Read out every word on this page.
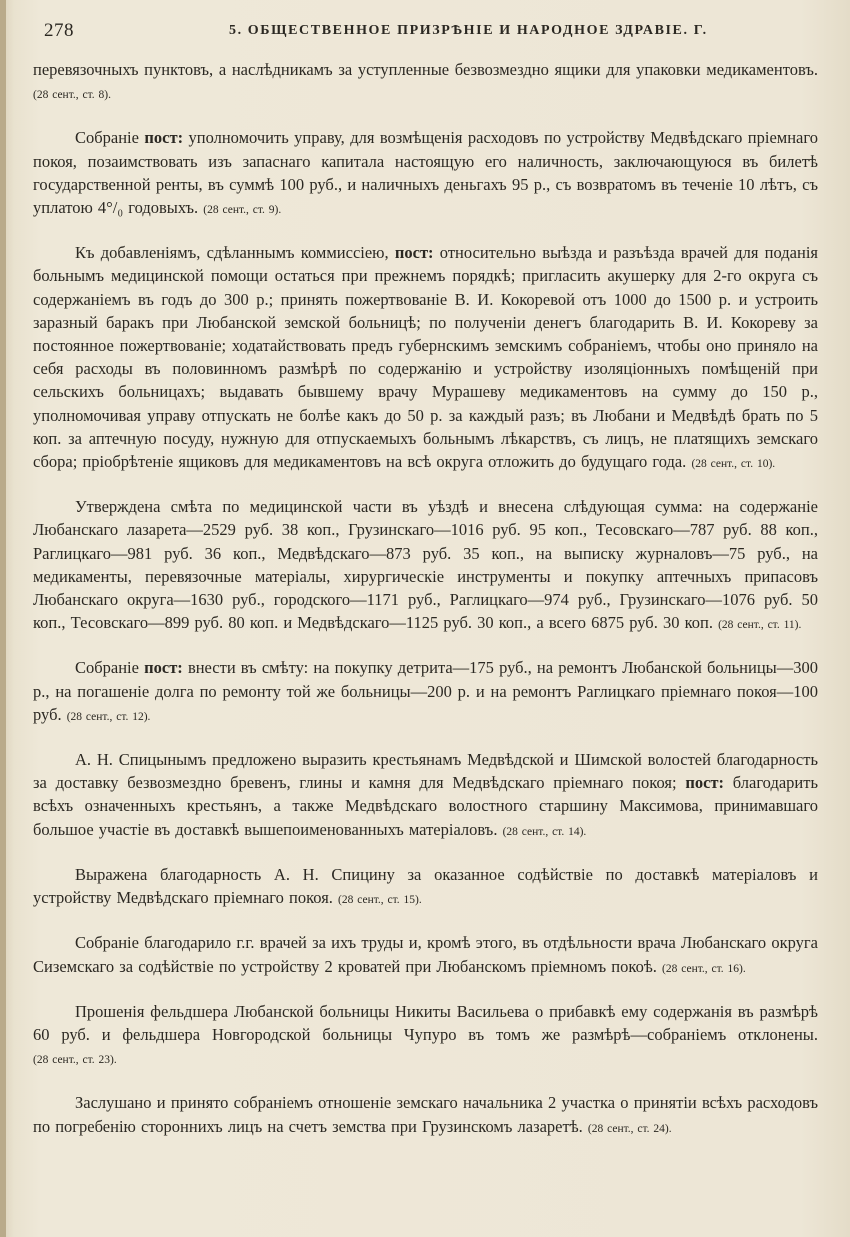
278	5. ОБЩЕСТВЕННОЕ ПРИЗРѢНІЕ И НАРОДНОЕ ЗДРАВІЕ. Г.

перевязочныхъ пунктовъ, а наслѣдникамъ за уступленные безвозмездно ящики для упаковки медикаментовъ. (28 сент., ст. 8).

Собраніе пост: уполномочить управу, для возмѣщенія расходовъ по устройству Медвѣдскаго пріемнаго покоя, позаимствовать изъ запаснаго капитала настоящую его наличность, заключающуюся въ билетѣ государственной ренты, въ суммѣ 100 руб., и наличныхъ деньгахъ 95 р., съ возвратомъ въ теченіе 10 лѣтъ, съ уплатою 4°/₀ годовыхъ. (28 сент., ст. 9).

Къ добавленіямъ, сдѣланнымъ коммиссіею, пост: относительно выѣзда и разъѣзда врачей для поданія больнымъ медицинской помощи остаться при прежнемъ порядкѣ; пригласить акушерку для 2-го округа съ содержаніемъ въ годъ до 300 р.; принять пожертвованіе В. И. Кокоревой отъ 1000 до 1500 р. и устроить заразный баракъ при Любанской земской больницѣ; по полученіи денегъ благодарить В. И. Кокореву за постоянное пожертвованіе; ходатайствовать предъ губернскимъ земскимъ собраніемъ, чтобы оно приняло на себя расходы въ половинномъ размѣрѣ по содержанію и устройству изоляціонныхъ помѣщеній при сельскихъ больницахъ; выдавать бывшему врачу Мурашеву медикаментовъ на сумму до 150 р., уполномочивая управу отпускать не болѣе какъ до 50 р. за каждый разъ; въ Любани и Медвѣдѣ брать по 5 коп. за аптечную посуду, нужную для отпускаемыхъ больнымъ лѣкарствъ, съ лицъ, не платящихъ земскаго сбора; пріобрѣтеніе ящиковъ для медикаментовъ на всѣ округа отложить до будущаго года. (28 сент., ст. 10).

Утверждена смѣта по медицинской части въ уѣздѣ и внесена слѣдующая сумма: на содержаніе Любанскаго лазарета—2529 руб. 38 коп., Грузинскаго—1016 руб. 95 коп., Тесовскаго—787 руб. 88 коп., Раглицкаго—981 руб. 36 коп., Медвѣдскаго—873 руб. 35 коп., на выписку журналовъ—75 руб., на медикаменты, перевязочные матеріалы, хирургическіе инструменты и покупку аптечныхъ припасовъ Любанскаго округа—1630 руб., городского—1171 руб., Раглицкаго—974 руб., Грузинскаго—1076 руб. 50 коп., Тесовскаго—899 руб. 80 коп. и Медвѣдскаго—1125 руб. 30 коп., а всего 6875 руб. 30 коп. (28 сент., ст. 11).

Собраніе пост: внести въ смѣту: на покупку детрита—175 руб., на ремонтъ Любанской больницы—300 р., на погашеніе долга по ремонту той же больницы—200 р. и на ремонтъ Раглицкаго пріемнаго покоя—100 руб. (28 сент., ст. 12).

А. Н. Спицынымъ предложено выразить крестьянамъ Медвѣдской и Шимской волостей благодарность за доставку безвозмездно бревенъ, глины и камня для Медвѣдскаго пріемнаго покоя; пост: благодарить всѣхъ означенныхъ крестьянъ, а также Медвѣдскаго волостного старшину Максимова, принимавшаго большое участіе въ доставкѣ вышепоименованныхъ матеріаловъ. (28 сент., ст. 14).

Выражена благодарность А. Н. Спицину за оказанное содѣйствіе по доставкѣ матеріаловъ и устройству Медвѣдскаго пріемнаго покоя. (28 сент., ст. 15).

Собраніе благодарило г.г. врачей за ихъ труды и, кромѣ этого, въ отдѣльности врача Любанскаго округа Сиземскаго за содѣйствіе по устройству 2 кроватей при Любанскомъ пріемномъ покоѣ. (28 сент., ст. 16).

Прошенія фельдшера Любанской больницы Никиты Васильева о прибавкѣ ему содержанія въ размѣрѣ 60 руб. и фельдшера Новгородской больницы Чупуро въ томъ же размѣрѣ—собраніемъ отклонены. (28 сент., ст. 23).

Заслушано и принято собраніемъ отношеніе земскаго начальника 2 участка о принятіи всѣхъ расходовъ по погребенію стороннихъ лицъ на счетъ земства при Грузинскомъ лазаретѣ. (28 сент., ст. 24).
